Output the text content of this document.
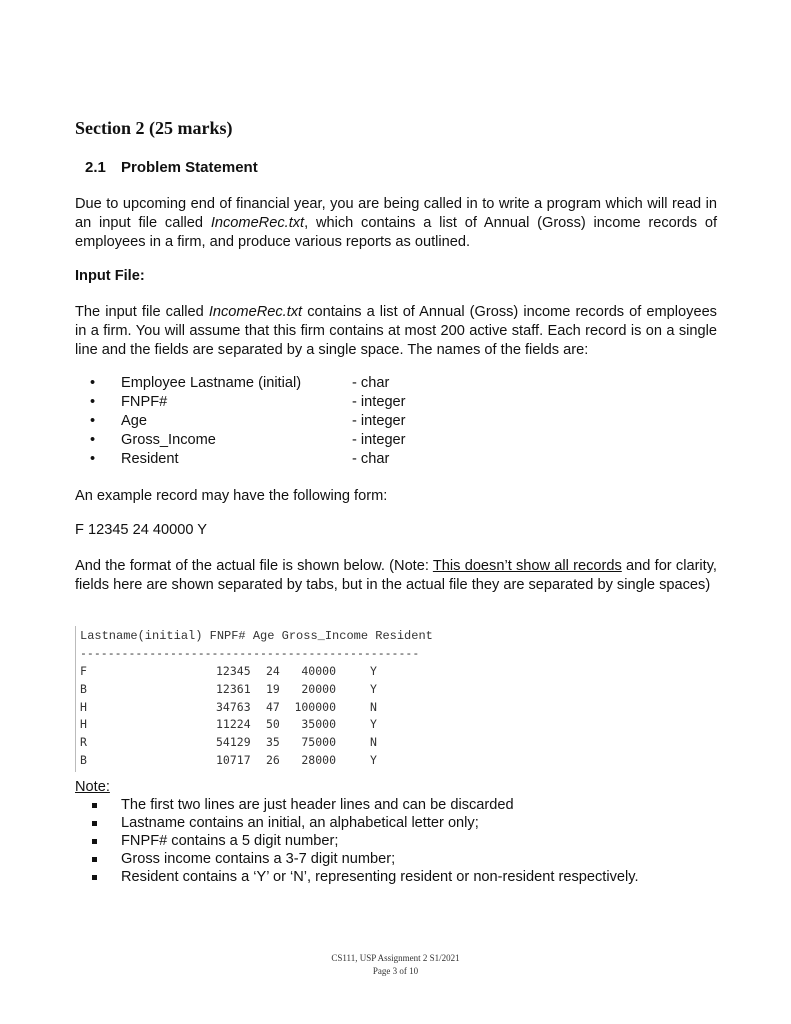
Section 2 (25 marks)
2.1 Problem Statement
Due to upcoming end of financial year, you are being called in to write a program which will read in an input file called IncomeRec.txt, which contains a list of Annual (Gross) income records of employees in a firm, and produce various reports as outlined.
Input File:
The input file called IncomeRec.txt contains a list of Annual (Gross) income records of employees in a firm. You will assume that this firm contains at most 200 active staff. Each record is on a single line and the fields are separated by a single space. The names of the fields are:
• Employee Lastname (initial)	- char
• FNPF#	- integer
• Age	- integer
• Gross_Income	- integer
• Resident	- char
An example record may have the following form:
F 12345 24 40000 Y
And the format of the actual file is shown below. (Note: This doesn’t show all records and for clarity, fields here are shown separated by tabs, but in the actual file they are separated by single spaces)
Lastname(initial) FNPF# Age Gross_Income Resident
-------------------------------------------------
F	12345	24	40000	Y
B	12361	19	20000	Y
H	34763	47	100000	N
H	11224	50	35000	Y
R	54129	35	75000	N
B	10717	26	28000	Y
Note:
The first two lines are just header lines and can be discarded
Lastname contains an initial, an alphabetical letter only;
FNPF# contains a 5 digit number;
Gross income contains a 3-7 digit number;
Resident contains a ‘Y’ or ‘N’, representing resident or non-resident respectively.
CS111, USP Assignment 2 S1/2021
Page 3 of 10
